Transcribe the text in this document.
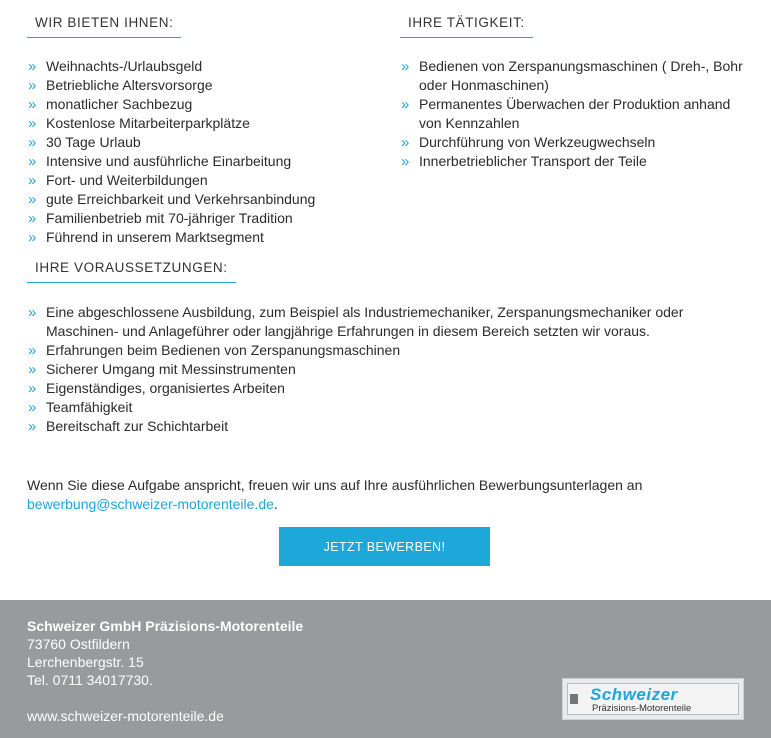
WIR BIETEN IHNEN:
» Weihnachts-/Urlaubsgeld
» Betriebliche Altersvorsorge
» monatlicher Sachbezug
» Kostenlose Mitarbeiterparkplätze
» 30 Tage Urlaub
» Intensive und ausführliche Einarbeitung
» Fort- und Weiterbildungen
» gute Erreichbarkeit und Verkehrsanbindung
» Familienbetrieb mit 70-jähriger Tradition
» Führend in unserem Marktsegment
IHRE TÄTIGKEIT:
» Bedienen von Zerspanungsmaschinen ( Dreh-, Bohr oder Honmaschinen)
» Permanentes Überwachen der Produktion anhand von Kennzahlen
» Durchführung von Werkzeugwechseln
» Innerbetrieblicher Transport der Teile
IHRE VORAUSSETZUNGEN:
» Eine abgeschlossene Ausbildung, zum Beispiel als Industriemechaniker, Zerspanungsmechaniker oder Maschinen- und Anlageführer oder langjährige Erfahrungen in diesem Bereich setzten wir voraus.
» Erfahrungen beim Bedienen von Zerspanungsmaschinen
» Sicherer Umgang mit Messinstrumenten
» Eigenständiges, organisiertes Arbeiten
» Teamfähigkeit
» Bereitschaft zur Schichtarbeit
Wenn Sie diese Aufgabe anspricht, freuen wir uns auf Ihre ausführlichen Bewerbungsunterlagen an
bewerbung@schweizer-motorenteile.de.
JETZT BEWERBEN!
Schweizer GmbH Präzisions-Motorenteile
73760 Ostfildern
Lerchenbergstr. 15
Tel. 0711 34017730.
www.schweizer-motorenteile.de
Schweizer
Präzisions-Motorenteile
